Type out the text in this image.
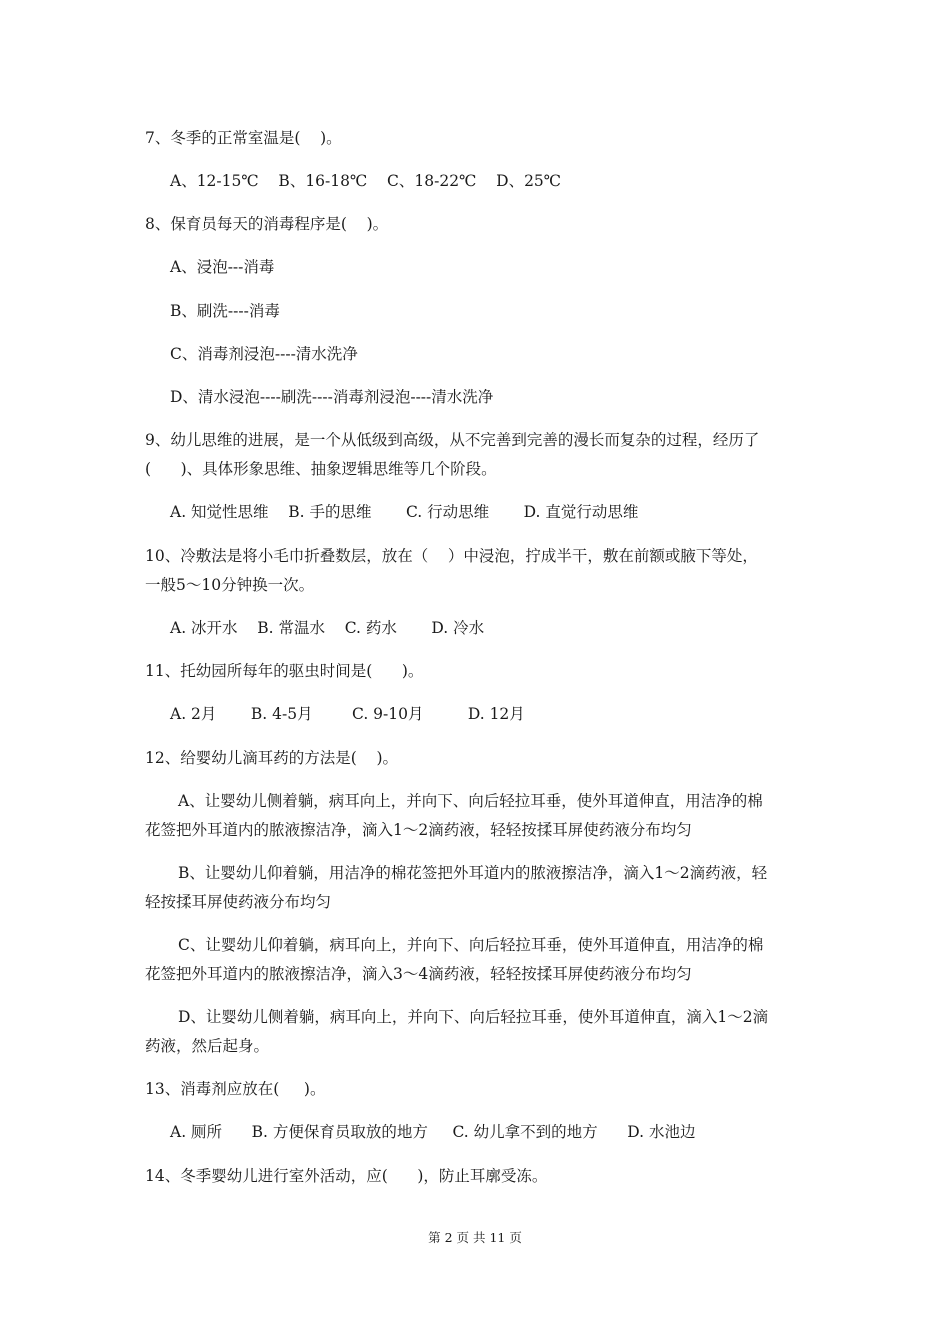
7、冬季的正常室温是(    )。
A、12-15℃    B、16-18℃    C、18-22℃    D、25℃
8、保育员每天的消毒程序是(    )。
A、浸泡---消毒
B、刷洗----消毒
C、消毒剂浸泡----清水洗净
D、清水浸泡----刷洗----消毒剂浸泡----清水洗净
9、幼儿思维的进展，是一个从低级到高级，从不完善到完善的漫长而复杂的过程，经历了
(      )、具体形象思维、抽象逻辑思维等几个阶段。
A. 知觉性思维    B. 手的思维       C. 行动思维       D. 直觉行动思维
10、冷敷法是将小毛巾折叠数层，放在（    ）中浸泡，拧成半干，敷在前额或腋下等处，
一般5～10分钟换一次。
A. 冰开水    B. 常温水    C. 药水       D. 冷水
11、托幼园所每年的驱虫时间是(      )。
A. 2月       B. 4-5月        C. 9-10月         D. 12月
12、给婴幼儿滴耳药的方法是(    )。
A、让婴幼儿侧着躺，病耳向上，并向下、向后轻拉耳垂，使外耳道伸直，用洁净的棉
花签把外耳道内的脓液擦洁净，滴入1～2滴药液，轻轻按揉耳屏使药液分布均匀
B、让婴幼儿仰着躺，用洁净的棉花签把外耳道内的脓液擦洁净，滴入1～2滴药液，轻
轻按揉耳屏使药液分布均匀
C、让婴幼儿仰着躺，病耳向上，并向下、向后轻拉耳垂，使外耳道伸直，用洁净的棉
花签把外耳道内的脓液擦洁净，滴入3～4滴药液，轻轻按揉耳屏使药液分布均匀
D、让婴幼儿侧着躺，病耳向上，并向下、向后轻拉耳垂，使外耳道伸直，滴入1～2滴
药液，然后起身。
13、消毒剂应放在(     )。
A. 厕所      B. 方便保育员取放的地方     C. 幼儿拿不到的地方      D. 水池边
14、冬季婴幼儿进行室外活动，应(      )，防止耳廓受冻。
第 2 页 共 11 页
